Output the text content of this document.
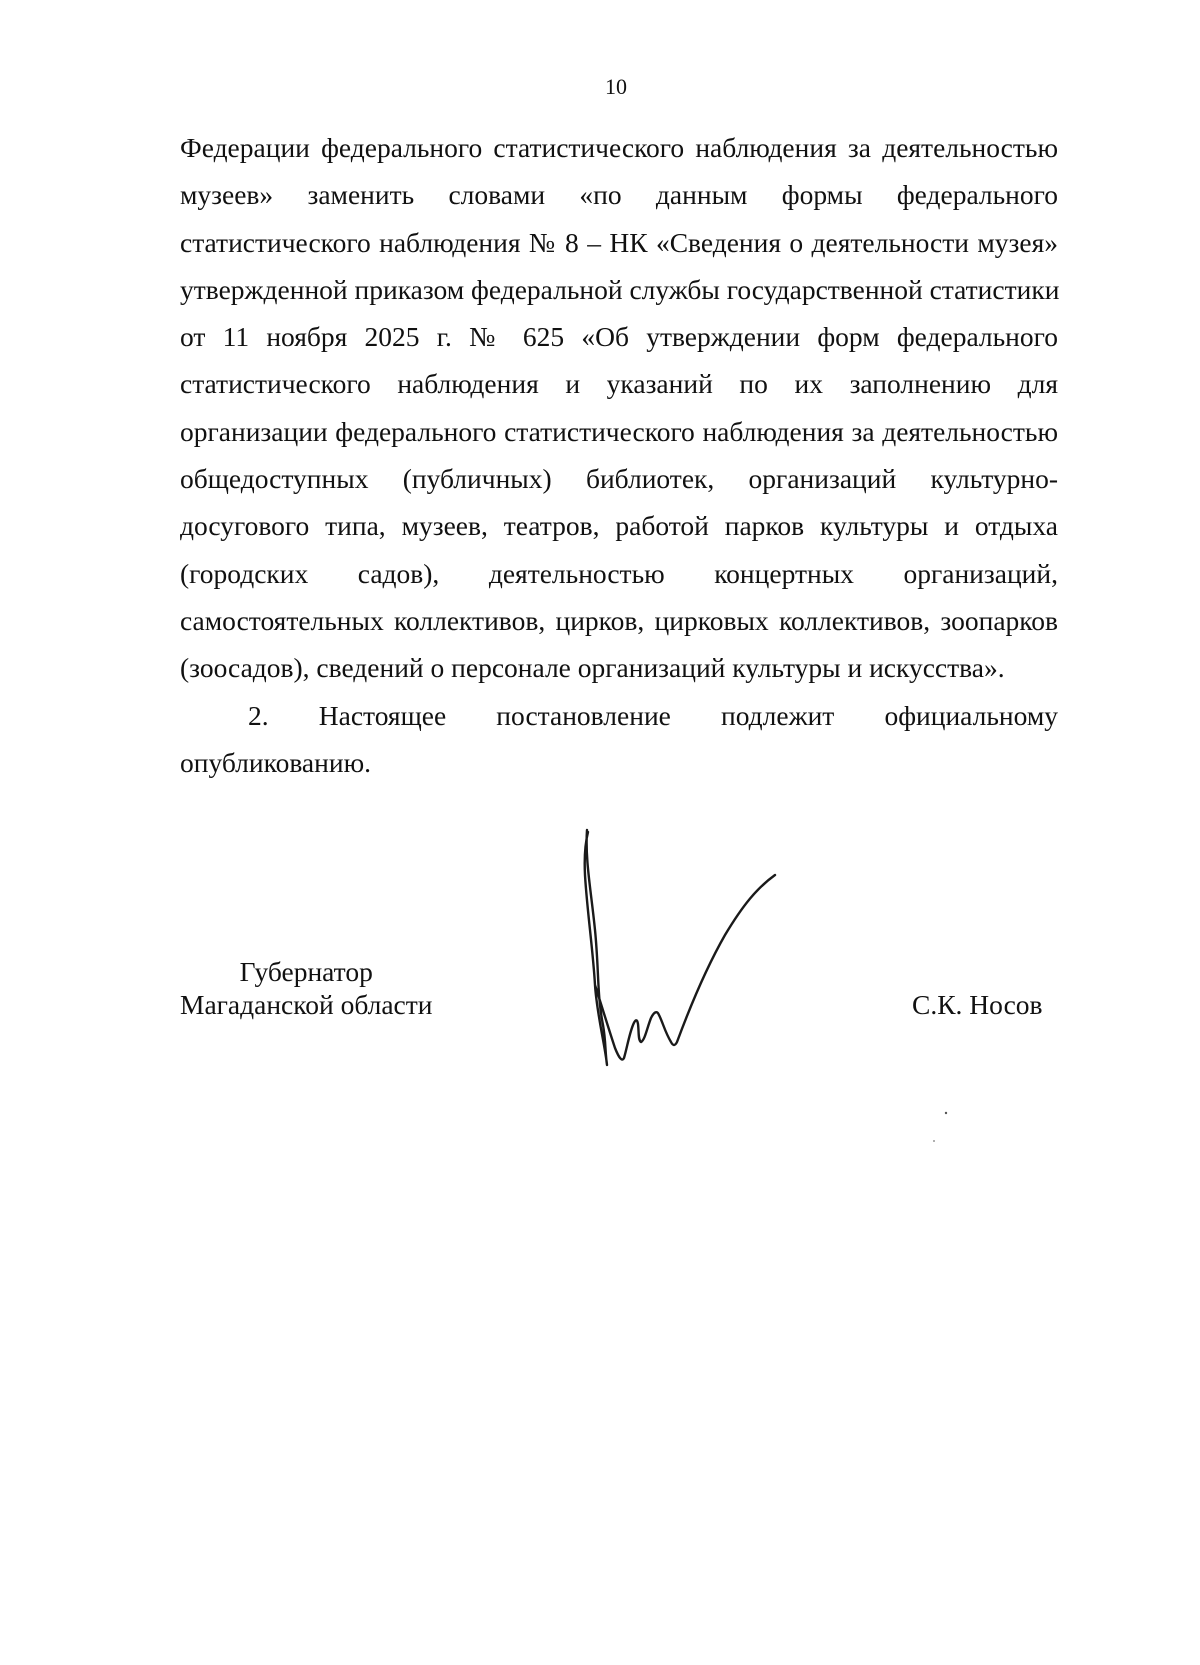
10

Федерации федерального статистического наблюдения за деятельностью
музеев» заменить словами «по данным формы федерального
статистического наблюдения № 8 – НК «Сведения о деятельности музея»
утвержденной приказом федеральной службы государственной статистики
от 11 ноября 2025 г. № 625 «Об утверждении форм федерального
статистического наблюдения и указаний по их заполнению для
организации федерального статистического наблюдения за деятельностью
общедоступных (публичных) библиотек, организаций культурно-
досугового типа, музеев, театров, работой парков культуры и отдыха
(городских садов), деятельностью концертных организаций,
самостоятельных коллективов, цирков, цирковых коллективов, зоопарков
(зоосадов), сведений о персонале организаций культуры и искусства».

2. Настоящее постановление подлежит официальному
опубликованию.

Губернатор
Магаданской области	С.К. Носов
